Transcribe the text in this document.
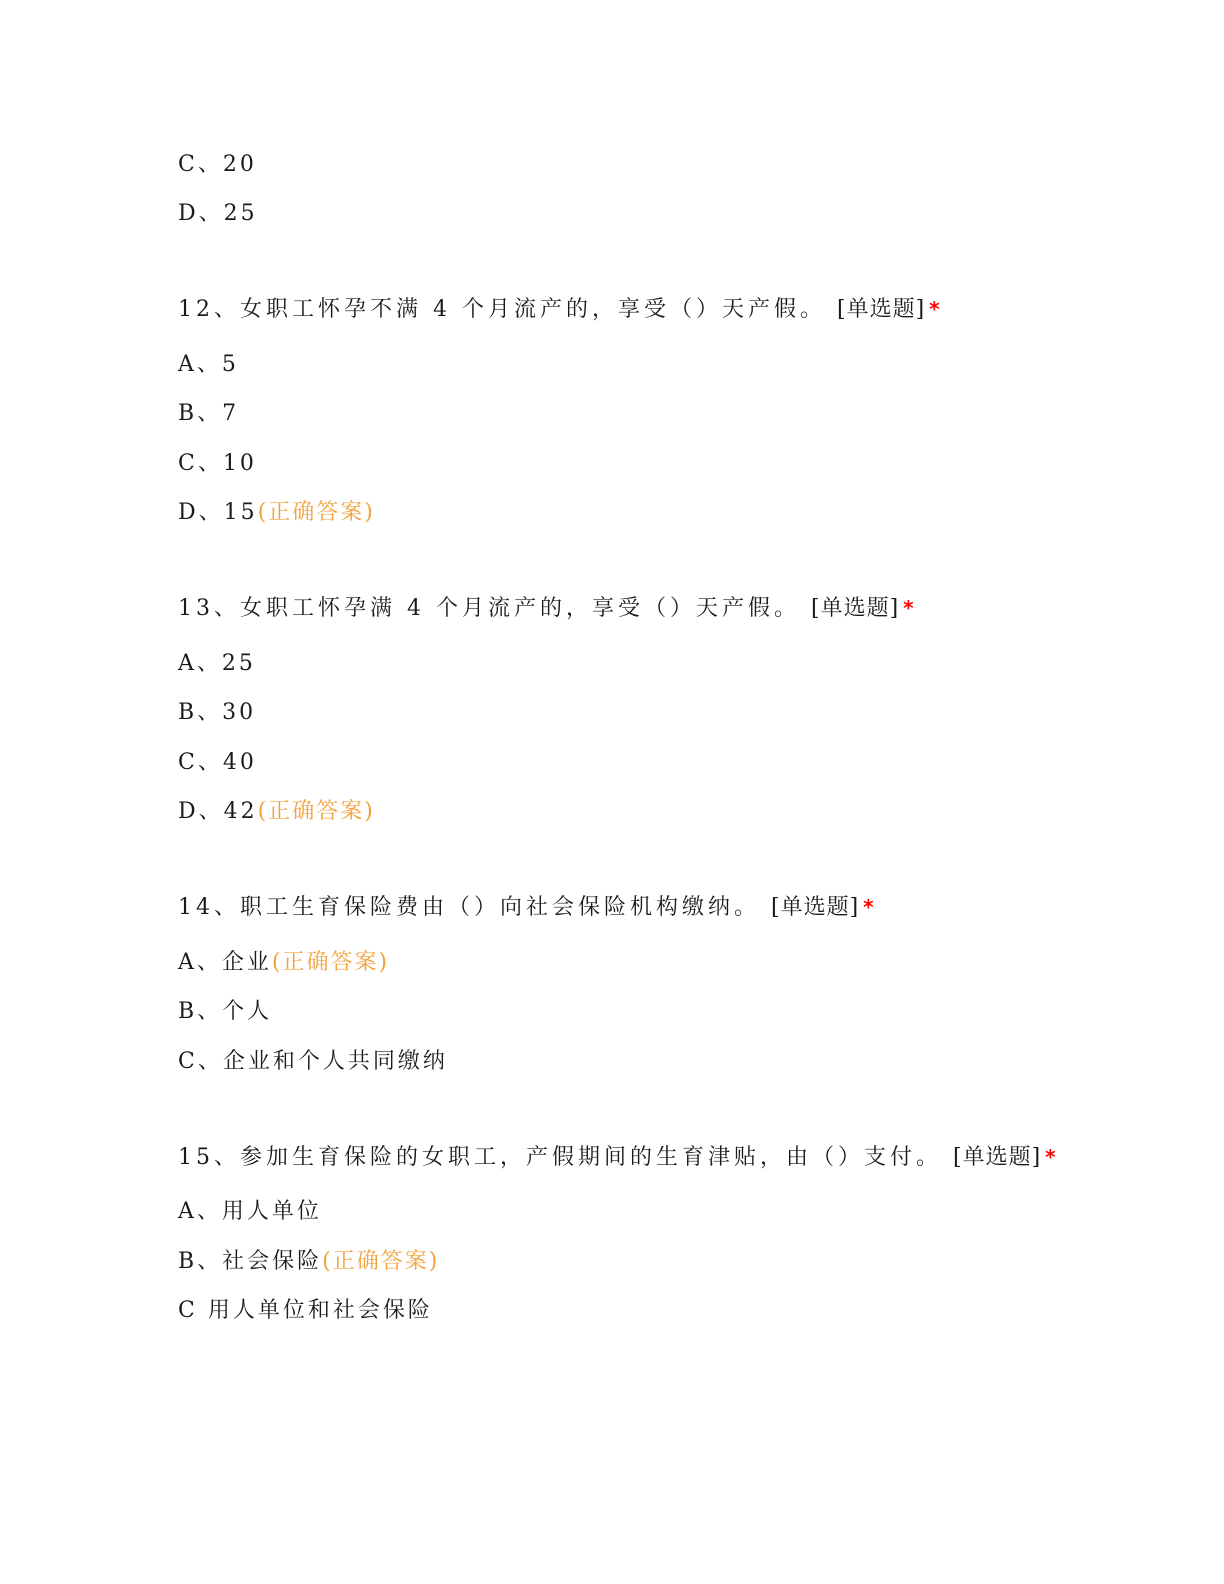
C、20
D、25
12、女职工怀孕不满 4 个月流产的，享受（）天产假。 [单选题] *
A、5
B、7
C、10
D、15(正确答案)
13、女职工怀孕满 4 个月流产的，享受（）天产假。 [单选题] *
A、25
B、30
C、40
D、42(正确答案)
14、职工生育保险费由（）向社会保险机构缴纳。 [单选题] *
A、企业(正确答案)
B、个人
C、企业和个人共同缴纳
15、参加生育保险的女职工，产假期间的生育津贴，由（）支付。 [单选题] *
A、用人单位
B、社会保险(正确答案)
C 用人单位和社会保险
